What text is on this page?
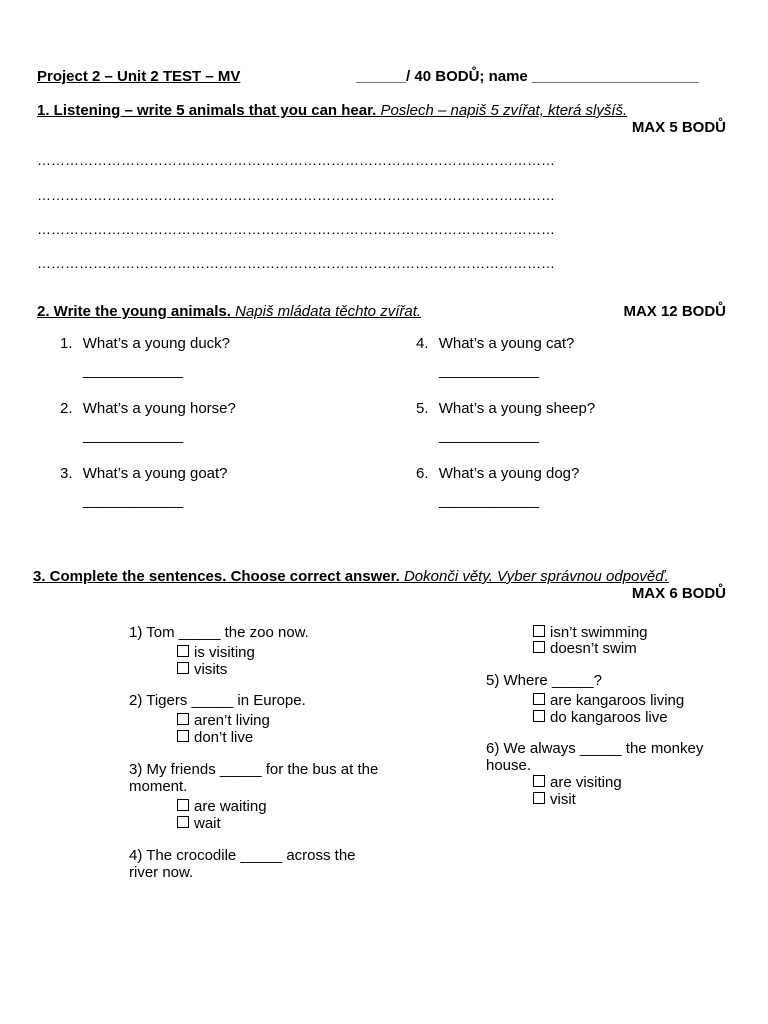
Project 2 – Unit 2 TEST – MV	______/ 40 BODŮ; name ____________________
1. Listening – write 5 animals that you can hear. Poslech – napiš 5 zvířat, která slyšíš.
MAX 5 BODŮ
…………………………………………………………………………………………………
…………………………………………………………………………………………………
…………………………………………………………………………………………………
…………………………………………………………………………………………………
2. Write the young animals. Napiš mládata těchto zvířat.	MAX 12 BODŮ
1. What’s a young duck?
____________
2. What’s a young horse?
____________
3. What’s a young goat?
____________
4. What’s a young cat?
____________
5. What’s a young sheep?
____________
6. What’s a young dog?
____________
3. Complete the sentences. Choose correct answer. Dokonči věty. Vyber správnou odpověď.
MAX 6 BODŮ
1) Tom _____ the zoo now.
is visiting
visits
2) Tigers _____ in Europe.
aren’t living
don’t live
3) My friends _____ for the bus at the moment.
are waiting
wait
4) The crocodile _____ across the river now.
isn’t swimming
doesn’t swim
5) Where _____?
are kangaroos living
do kangaroos live
6) We always _____ the monkey house.
are visiting
visit
